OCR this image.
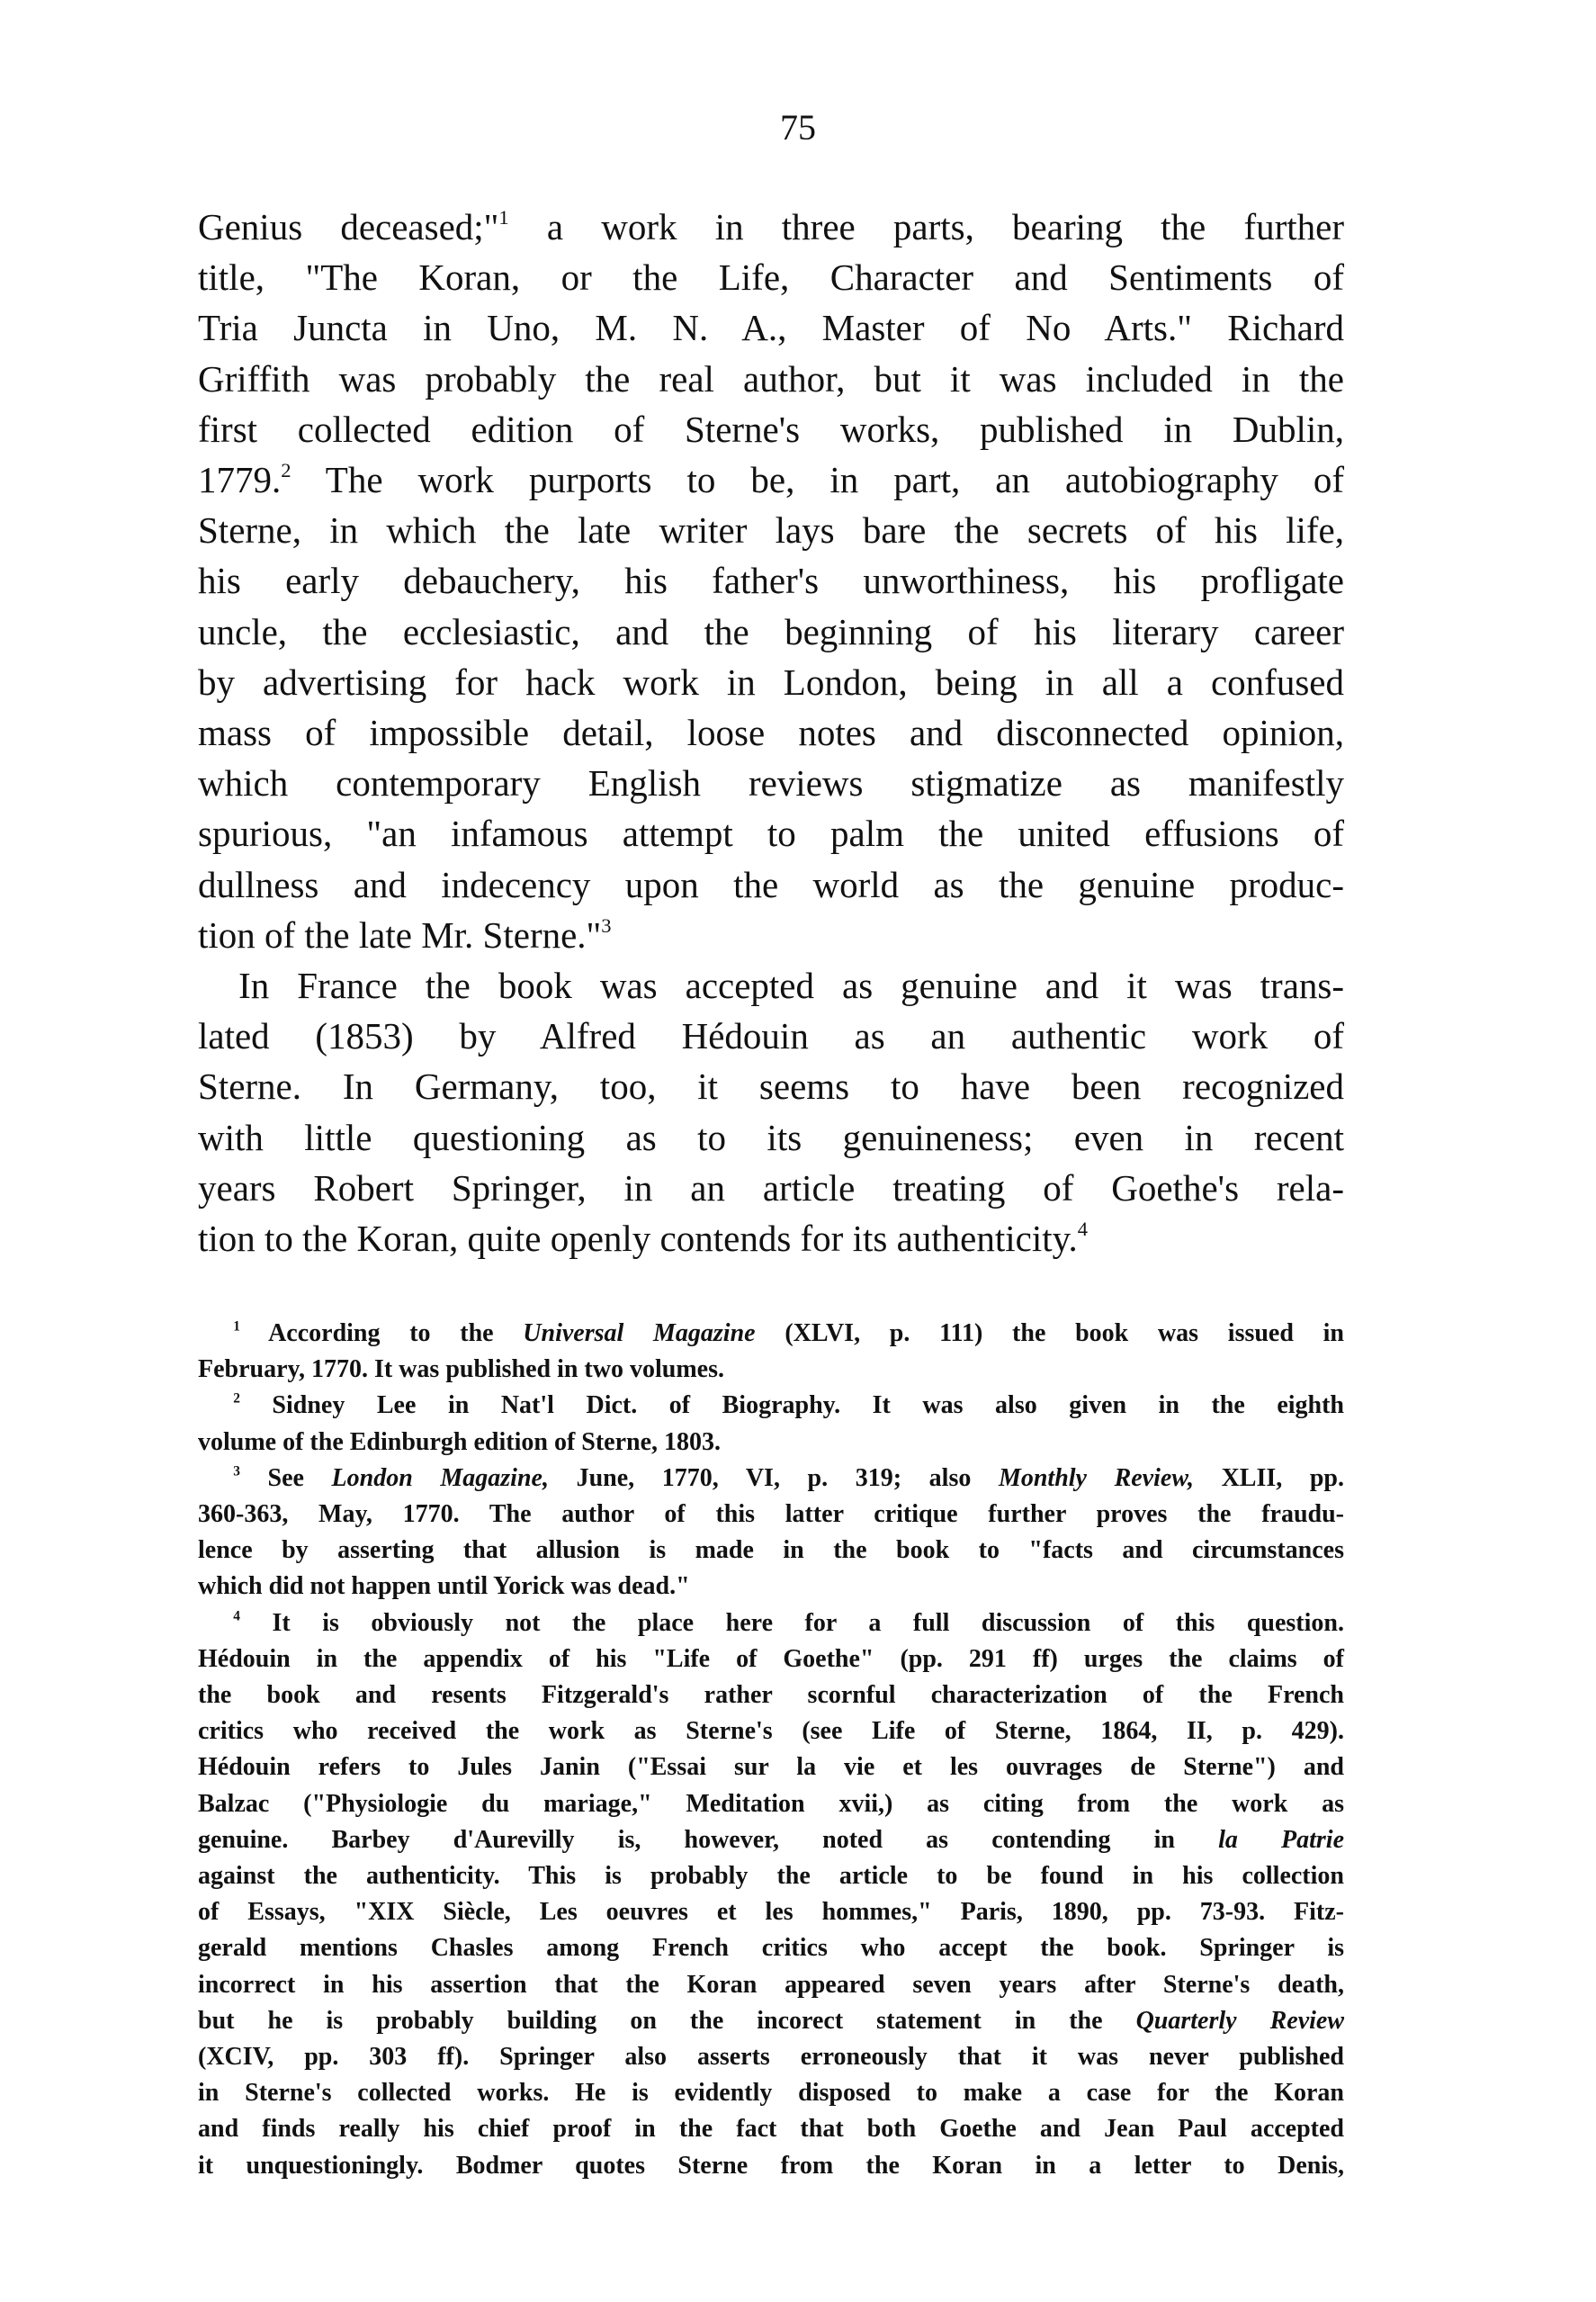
75
Genius deceased;"$^1$ a work in three parts, bearing the further
title, "The Koran, or the Life, Character and Sentiments of
Tria Juncta in Uno, M. N. A., Master of No Arts." Richard
Griffith was probably the real author, but it was included in the
first collected edition of Sterne's works, published in Dublin,
1779.$^2$ The work purports to be, in part, an autobiography of
Sterne, in which the late writer lays bare the secrets of his life,
his early debauchery, his father's unworthiness, his profligate
uncle, the ecclesiastic, and the beginning of his literary career
by advertising for hack work in London, being in all a confused
mass of impossible detail, loose notes and disconnected opinion,
which contemporary English reviews stigmatize as manifestly
spurious, "an infamous attempt to palm the united effusions of
dullness and indecency upon the world as the genuine produc-
tion of the late Mr. Sterne."$^3$
In France the book was accepted as genuine and it was trans-
lated (1853) by Alfred Hédouin as an authentic work of
Sterne. In Germany, too, it seems to have been recognized
with little questioning as to its genuineness; even in recent
years Robert Springer, in an article treating of Goethe's rela-
tion to the Koran, quite openly contends for its authenticity.$^4$
$^1$ According to the Universal Magazine (XLVI, p. 111) the book was issued in
February, 1770. It was published in two volumes.
$^2$ Sidney Lee in Nat'l Dict. of Biography. It was also given in the eighth
volume of the Edinburgh edition of Sterne, 1803.
$^3$ See London Magazine, June, 1770, VI, p. 319; also Monthly Review, XLII, pp.
360-363, May, 1770. The author of this latter critique further proves the fraudu-
lence by asserting that allusion is made in the book to "facts and circumstances
which did not happen until Yorick was dead."
$^4$ It is obviously not the place here for a full discussion of this question.
Hédouin in the appendix of his "Life of Goethe" (pp. 291 ff) urges the claims of
the book and resents Fitzgerald's rather scornful characterization of the French
critics who received the work as Sterne's (see Life of Sterne, 1864, II, p. 429).
Hédouin refers to Jules Janin ("Essai sur la vie et les ouvrages de Sterne") and
Balzac ("Physiologie du mariage," Meditation xvii,) as citing from the work as
genuine. Barbey d'Aurevilly is, however, noted as contending in la Patrie
against the authenticity. This is probably the article to be found in his collection
of Essays, "XIX Siècle, Les oeuvres et les hommes," Paris, 1890, pp. 73-93. Fitz-
gerald mentions Chasles among French critics who accept the book. Springer is
incorrect in his assertion that the Koran appeared seven years after Sterne's death,
but he is probably building on the incorect statement in the Quarterly Review
(XCIV, pp. 303 ff). Springer also asserts erroneously that it was never published
in Sterne's collected works. He is evidently disposed to make a case for the Koran
and finds really his chief proof in the fact that both Goethe and Jean Paul accepted
it unquestioningly. Bodmer quotes Sterne from the Koran in a letter to Denis,
